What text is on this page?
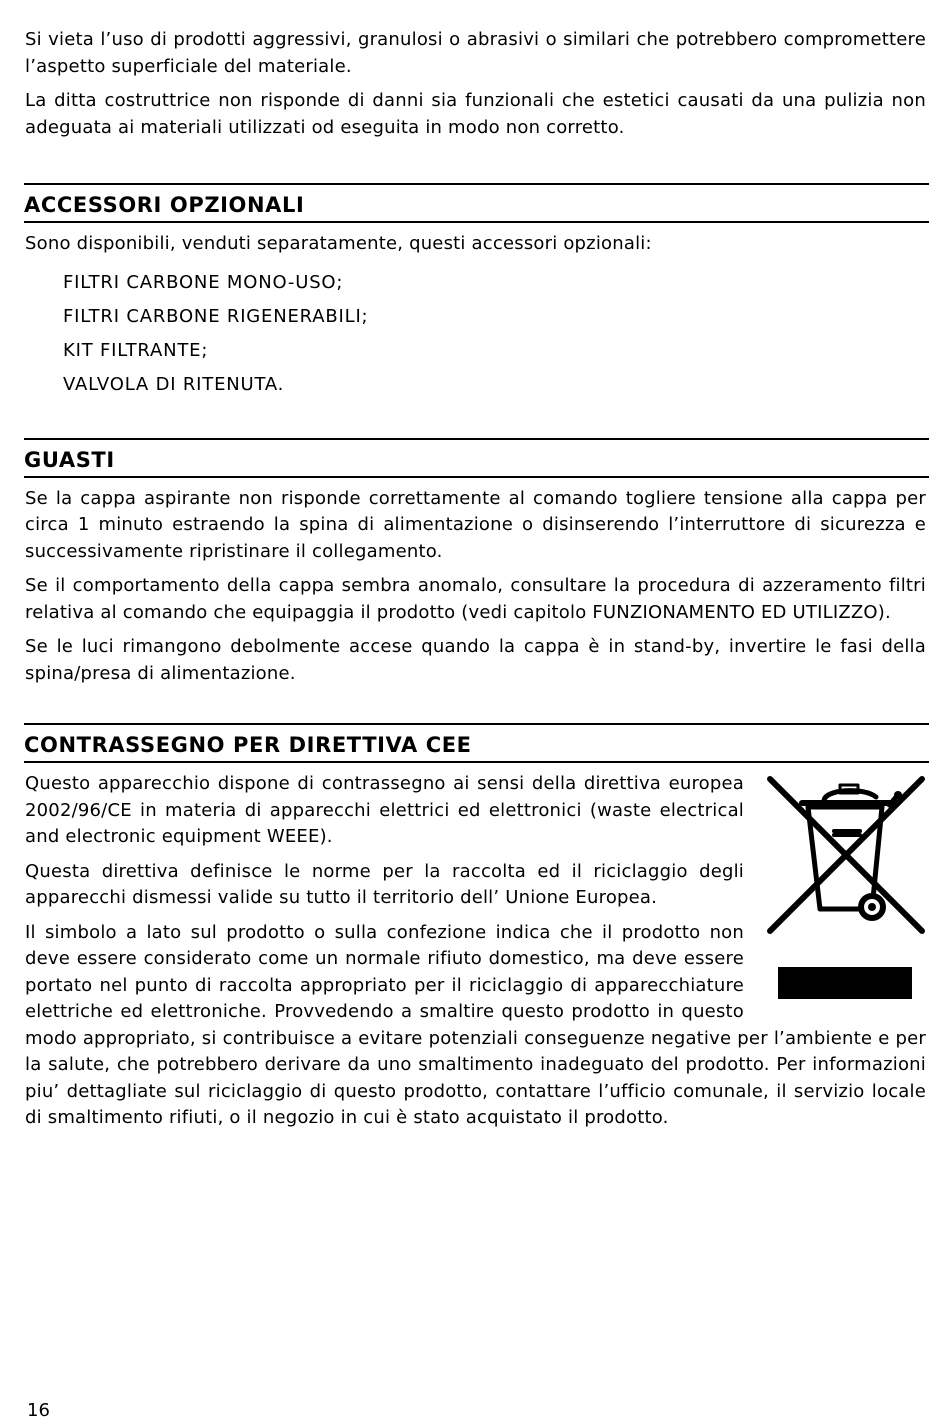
Si vieta l’uso di prodotti aggressivi, granulosi o abrasivi o similari che potrebbero compromettere l’aspetto superficiale del materiale.

La ditta costruttrice non risponde di danni sia funzionali che estetici causati da una pulizia non adeguata ai materiali utilizzati od eseguita in modo non corretto.

ACCESSORI OPZIONALI

Sono disponibili, venduti separatamente, questi accessori opzionali:

FILTRI CARBONE MONO-USO;
FILTRI CARBONE RIGENERABILI;
KIT FILTRANTE;
VALVOLA DI RITENUTA.
GUASTI

Se la cappa aspirante non risponde correttamente al comando togliere tensione alla cappa per circa 1 minuto estraendo la spina di alimentazione o disinserendo l’interruttore di sicurezza e successivamente ripristinare il collegamento.

Se il comportamento della cappa sembra anomalo, consultare la procedura di azzeramento filtri relativa al comando che equipaggia il prodotto (vedi capitolo FUNZIONAMENTO ED UTILIZZO).

Se le luci rimangono debolmente accese quando la cappa è in stand-by, invertire le fasi della spina/presa di alimentazione.

CONTRASSEGNO PER DIRETTIVA CEE

Questo apparecchio dispone di contrassegno ai sensi della direttiva europea 2002/96/CE in materia di apparecchi elettrici ed elettronici (waste electrical and electronic equipment WEEE).

Questa direttiva definisce le norme per la raccolta ed il riciclaggio degli apparecchi dismessi valide su tutto il territorio dell’ Unione Europea.

Il simbolo a lato sul prodotto o sulla confezione indica che il prodotto non deve essere considerato come un normale rifiuto domestico, ma deve essere portato nel punto di raccolta appropriato per il riciclaggio di apparecchiature elettriche ed elettroniche. Provvedendo a smaltire questo prodotto in questo modo appropriato, si contribuisce a evitare potenziali conseguenze negative per l’ambiente e per la salute, che potrebbero derivare da uno smaltimento inadeguato del prodotto. Per informazioni piu’ dettagliate sul riciclaggio di questo prodotto, contattare l’ufficio comunale, il servizio locale di smaltimento rifiuti, o il negozio in cui è stato acquistato il prodotto.

16
